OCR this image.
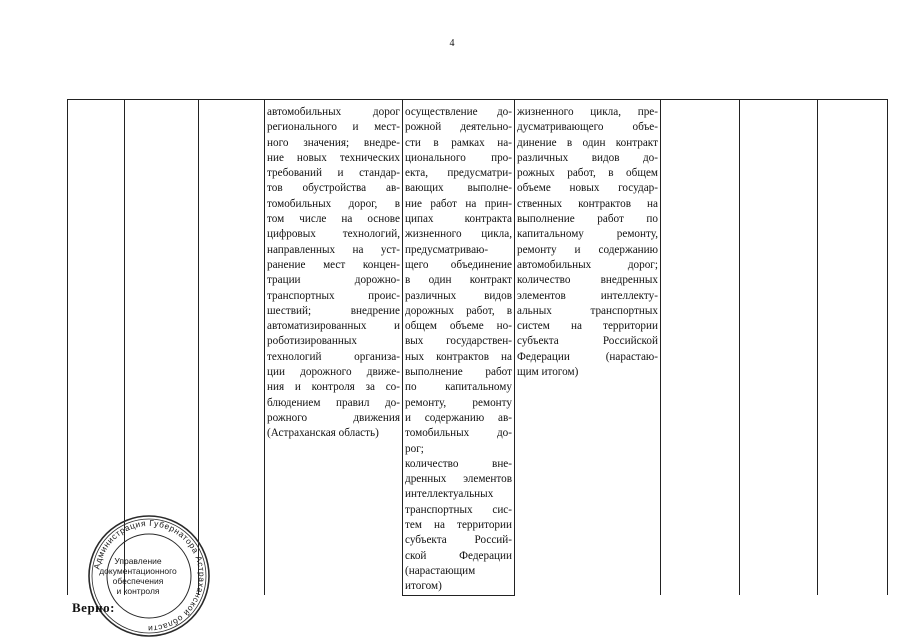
4

автомобильных дорог
регионального и мест-
ного значения; внедре-
ние новых технических
требований и стандар-
тов обустройства ав-
томобильных дорог, в
том числе на основе
цифровых технологий,
направленных на уст-
ранение мест концен-
трации дорожно-
транспортных проис-
шествий; внедрение
автоматизированных и
роботизированных
технологий организа-
ции дорожного движе-
ния и контроля за со-
блюдением правил до-
рожного движения
(Астраханская область)

осуществление до-
рожной деятельно-
сти в рамках на-
ционального про-
екта, предусматри-
вающих выполне-
ние работ на прин-
ципах контракта
жизненного цикла,
предусматриваю-
щего объединение
в один контракт
различных видов
дорожных работ, в
общем объеме но-
вых государствен-
ных контрактов на
выполнение работ
по капитальному
ремонту, ремонту
и содержанию ав-
томобильных до-
рог;
количество вне-
дренных элементов
интеллектуальных
транспортных сис-
тем на территории
субъекта Россий-
ской Федерации
(нарастающим
итогом)

жизненного цикла, пре-
дусматривающего объе-
динение в один контракт
различных видов до-
рожных работ, в общем
объеме новых государ-
ственных контрактов на
выполнение работ по
капитальному ремонту,
ремонту и содержанию
автомобильных дорог;
количество внедренных
элементов интеллекту-
альных транспортных
систем на территории
субъекта Российской
Федерации (нарастаю-
щим итогом)

Администрация Губернатора Астраханской области
Управление
документационного
обеспечения
и контроля
Верно:
